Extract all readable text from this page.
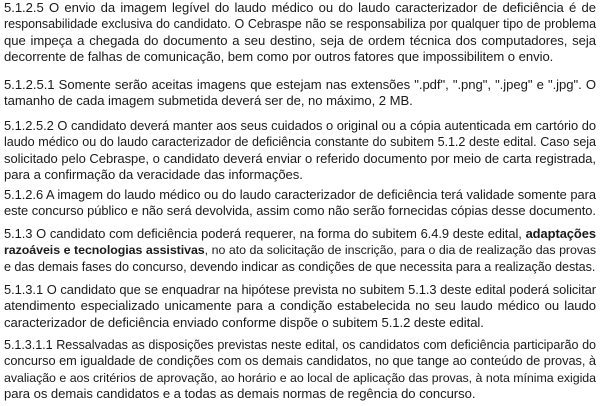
5.1.2.5 O envio da imagem legível do laudo médico ou do laudo caracterizador de deficiência é de
responsabilidade exclusiva do candidato. O Cebraspe não se responsabiliza por qualquer tipo de problema
que impeça a chegada do documento a seu destino, seja de ordem técnica dos computadores, seja
decorrente de falhas de comunicação, bem como por outros fatores que impossibilitem o envio.

5.1.2.5.1 Somente serão aceitas imagens que estejam nas extensões ".pdf", ".png", ".jpeg" e ".jpg". O
tamanho de cada imagem submetida deverá ser de, no máximo, 2 MB.

5.1.2.5.2 O candidato deverá manter aos seus cuidados o original ou a cópia autenticada em cartório do
laudo médico ou do laudo caracterizador de deficiência constante do subitem 5.1.2 deste edital. Caso seja
solicitado pelo Cebraspe, o candidato deverá enviar o referido documento por meio de carta registrada,
para a confirmação da veracidade das informações.

5.1.2.6 A imagem do laudo médico ou do laudo caracterizador de deficiência terá validade somente para
este concurso público e não será devolvida, assim como não serão fornecidas cópias desse documento.

5.1.3 O candidato com deficiência poderá requerer, na forma do subitem 6.4.9 deste edital, adaptações
razoáveis e tecnologias assistivas, no ato da solicitação de inscrição, para o dia de realização das provas
e das demais fases do concurso, devendo indicar as condições de que necessita para a realização destas.

5.1.3.1 O candidato que se enquadrar na hipótese prevista no subitem 5.1.3 deste edital poderá solicitar
atendimento especializado unicamente para a condição estabelecida no seu laudo médico ou laudo
caracterizador de deficiência enviado conforme dispõe o subitem 5.1.2 deste edital.

5.1.3.1.1 Ressalvadas as disposições previstas neste edital, os candidatos com deficiência participarão do
concurso em igualdade de condições com os demais candidatos, no que tange ao conteúdo de provas, à
avaliação e aos critérios de aprovação, ao horário e ao local de aplicação das provas, à nota mínima exigida
para os demais candidatos e a todas as demais normas de regência do concurso.
